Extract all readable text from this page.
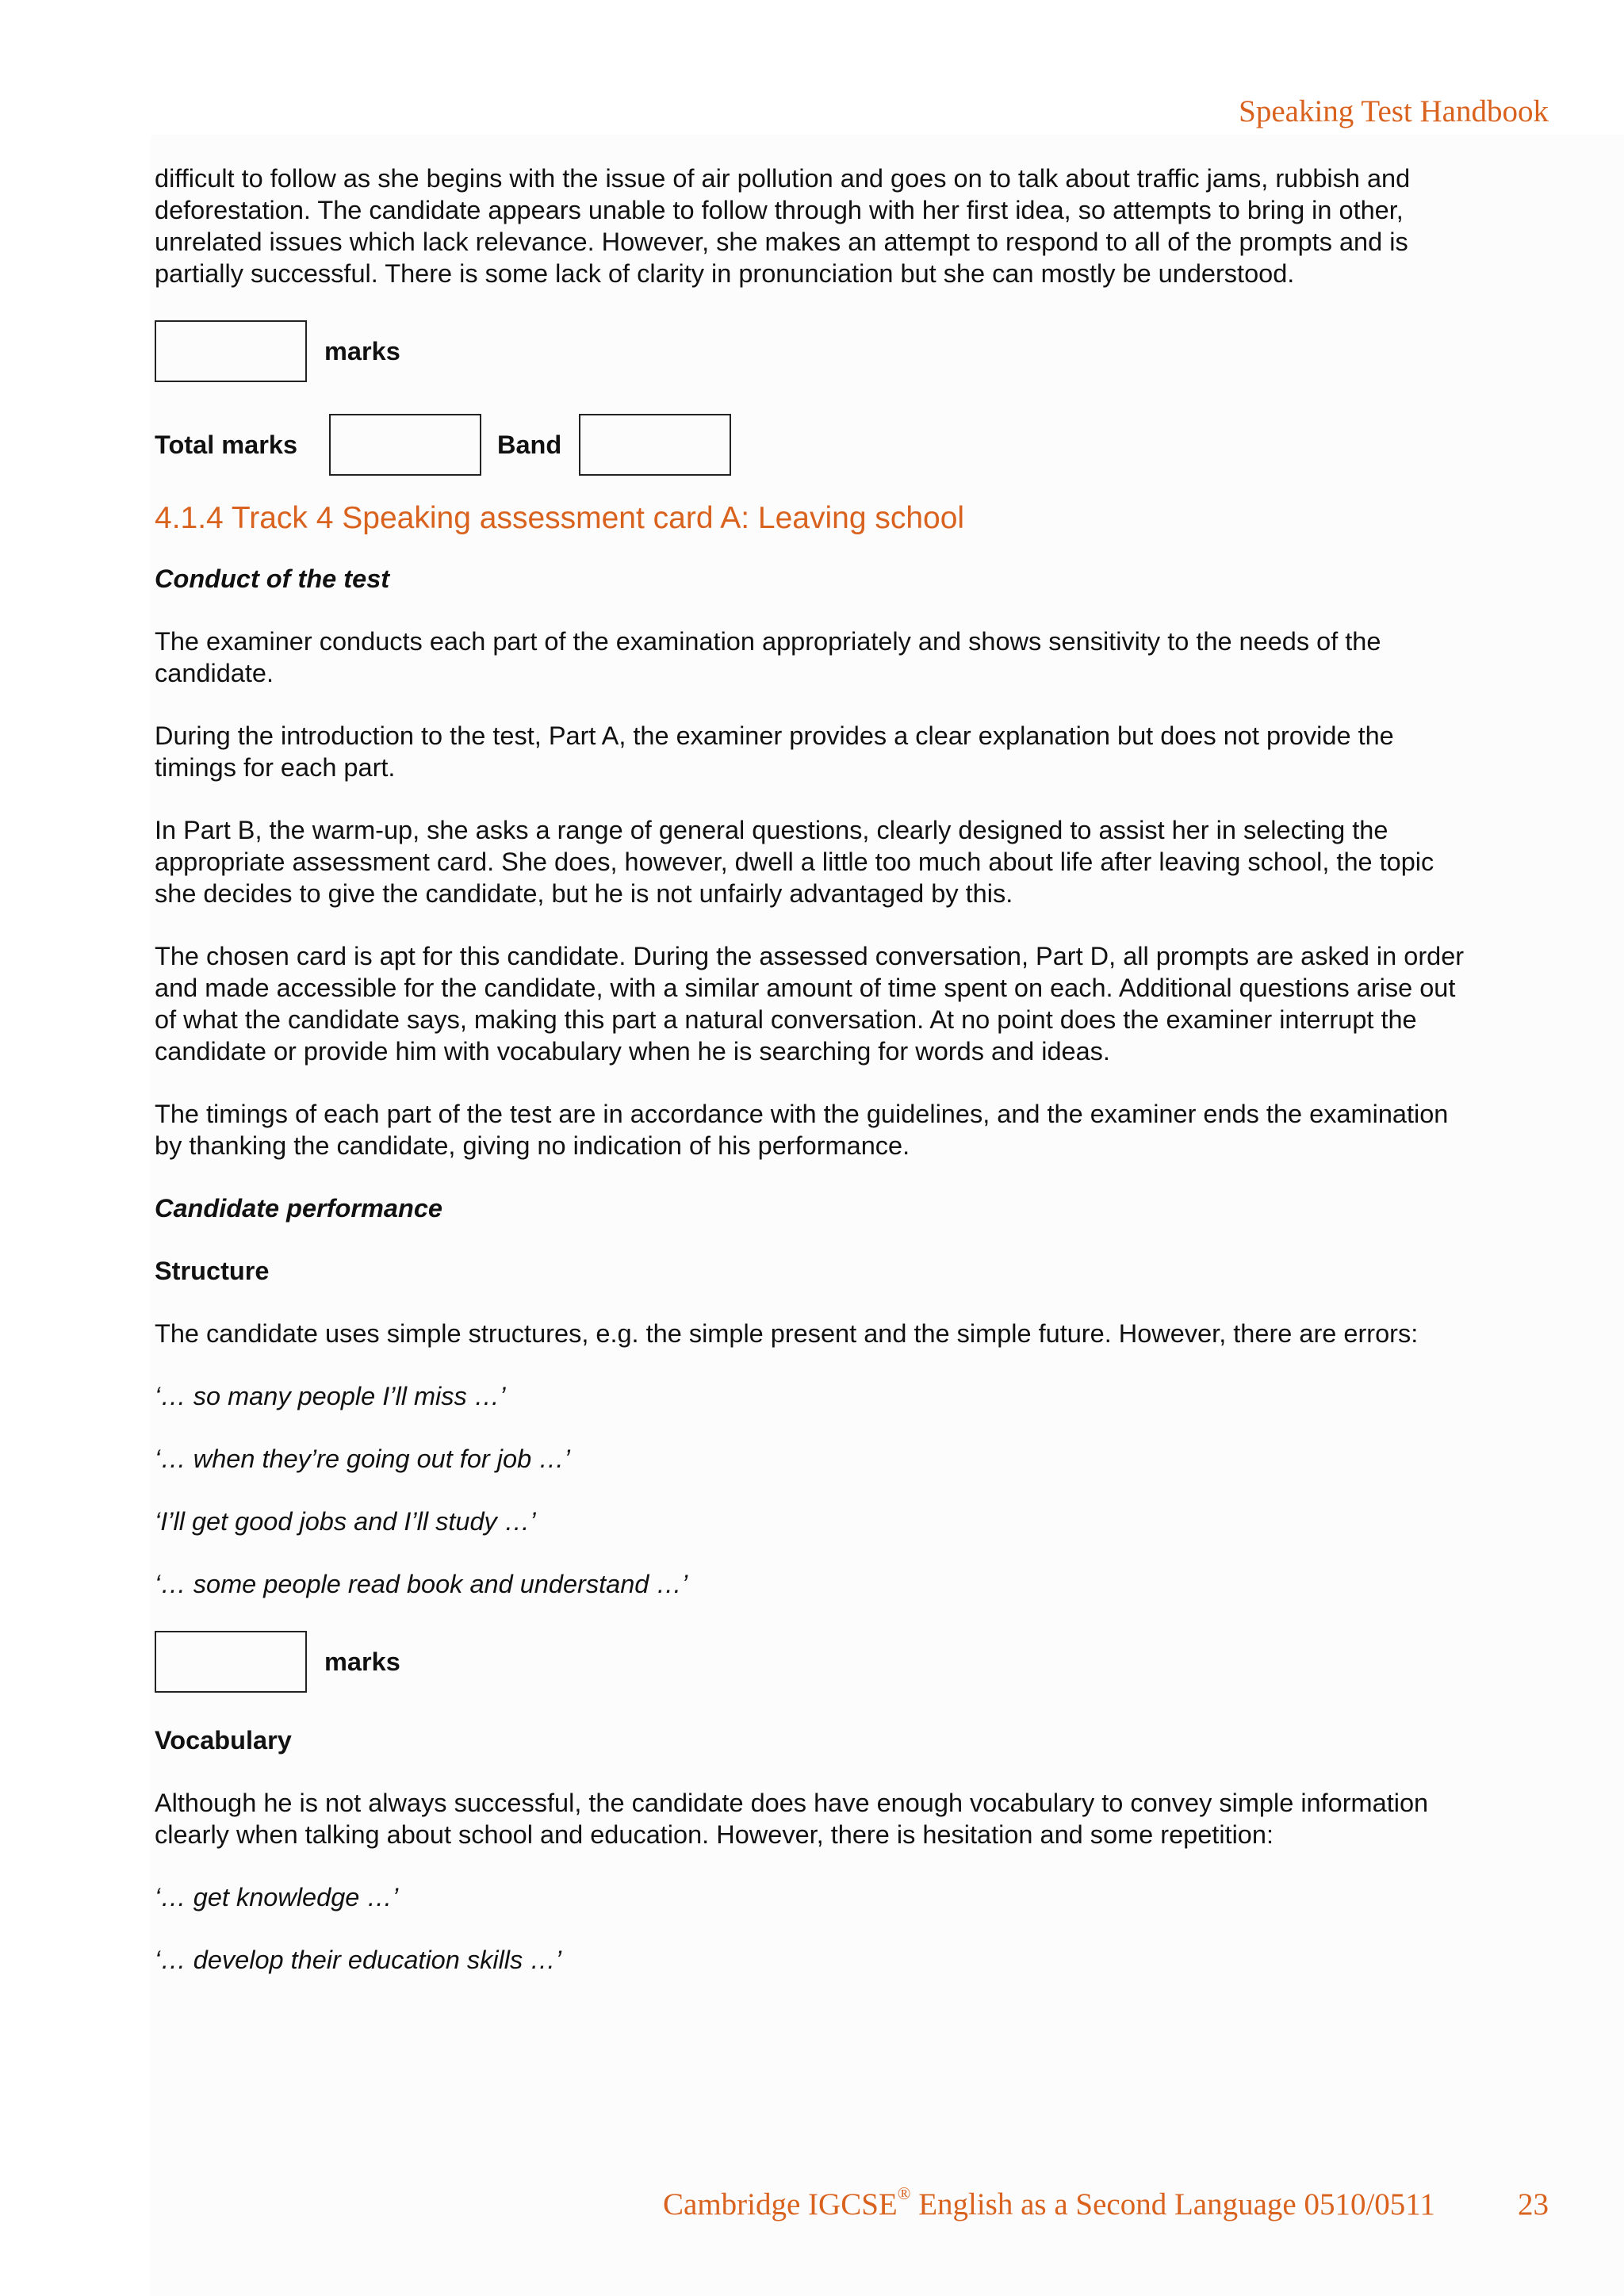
Speaking Test Handbook

difficult to follow as she begins with the issue of air pollution and goes on to talk about traffic jams, rubbish and deforestation. The candidate appears unable to follow through with her first idea, so attempts to bring in other, unrelated issues which lack relevance. However, she makes an attempt to respond to all of the prompts and is partially successful. There is some lack of clarity in pronunciation but she can mostly be understood.

marks
Total marks	Band
4.1.4 Track 4 Speaking assessment card A: Leaving school

Conduct of the test

The examiner conducts each part of the examination appropriately and shows sensitivity to the needs of the candidate.

During the introduction to the test, Part A, the examiner provides a clear explanation but does not provide the timings for each part.

In Part B, the warm-up, she asks a range of general questions, clearly designed to assist her in selecting the appropriate assessment card. She does, however, dwell a little too much about life after leaving school, the topic she decides to give the candidate, but he is not unfairly advantaged by this.

The chosen card is apt for this candidate. During the assessed conversation, Part D, all prompts are asked in order and made accessible for the candidate, with a similar amount of time spent on each. Additional questions arise out of what the candidate says, making this part a natural conversation. At no point does the examiner interrupt the candidate or provide him with vocabulary when he is searching for words and ideas.

The timings of each part of the test are in accordance with the guidelines, and the examiner ends the examination by thanking the candidate, giving no indication of his performance.

Candidate performance

Structure

The candidate uses simple structures, e.g. the simple present and the simple future. However, there are errors:

‘… so many people I’ll miss …’

‘… when they’re going out for job …’

‘I’ll get good jobs and I’ll study …’

‘… some people read book and understand …’

marks

Vocabulary

Although he is not always successful, the candidate does have enough vocabulary to convey simple information clearly when talking about school and education. However, there is hesitation and some repetition:

‘… get knowledge …’

‘… develop their education skills …’

Cambridge IGCSE® English as a Second Language 0510/0511	23
